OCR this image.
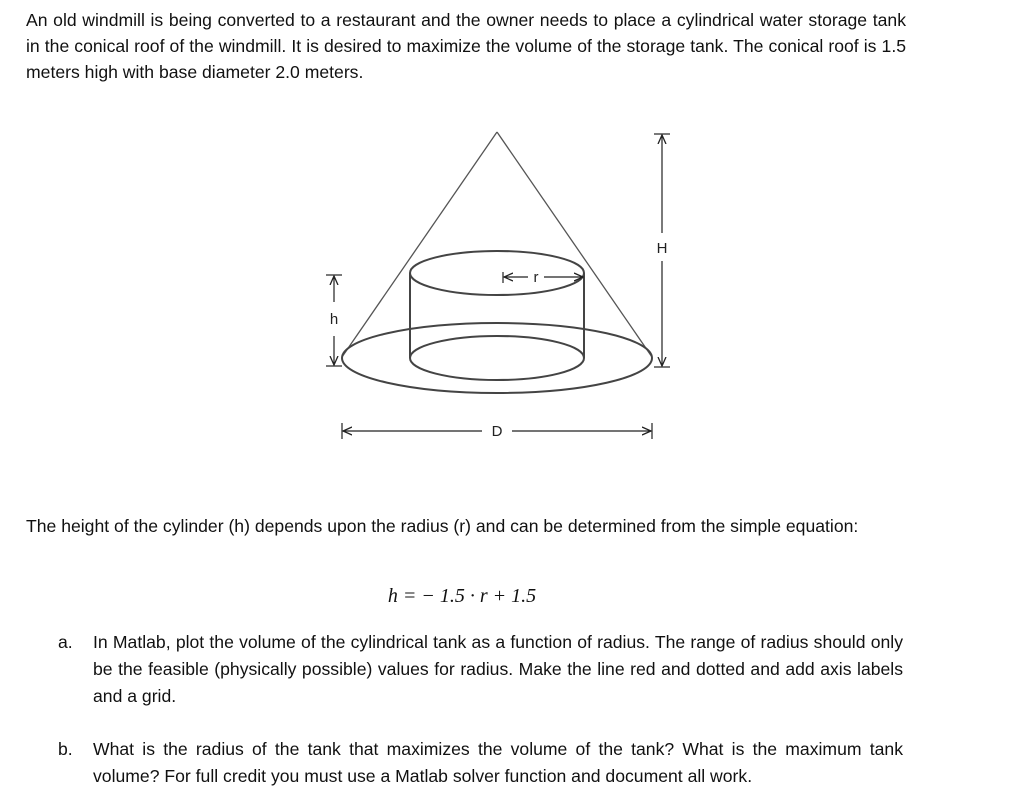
An old windmill is being converted to a restaurant and the owner needs to place a cylindrical water storage tank in the conical roof of the windmill. It is desired to maximize the volume of the storage tank. The conical roof is 1.5 meters high with base diameter 2.0 meters.

r
H
h
D

The height of the cylinder (h) depends upon the radius (r) and can be determined from the simple equation:

h = − 1.5 · r + 1.5
a. In Matlab, plot the volume of the cylindrical tank as a function of radius. The range of radius should only be the feasible (physically possible) values for radius. Make the line red and dotted and add axis labels and a grid.

b. What is the radius of the tank that maximizes the volume of the tank? What is the maximum tank volume? For full credit you must use a Matlab solver function and document all work.
